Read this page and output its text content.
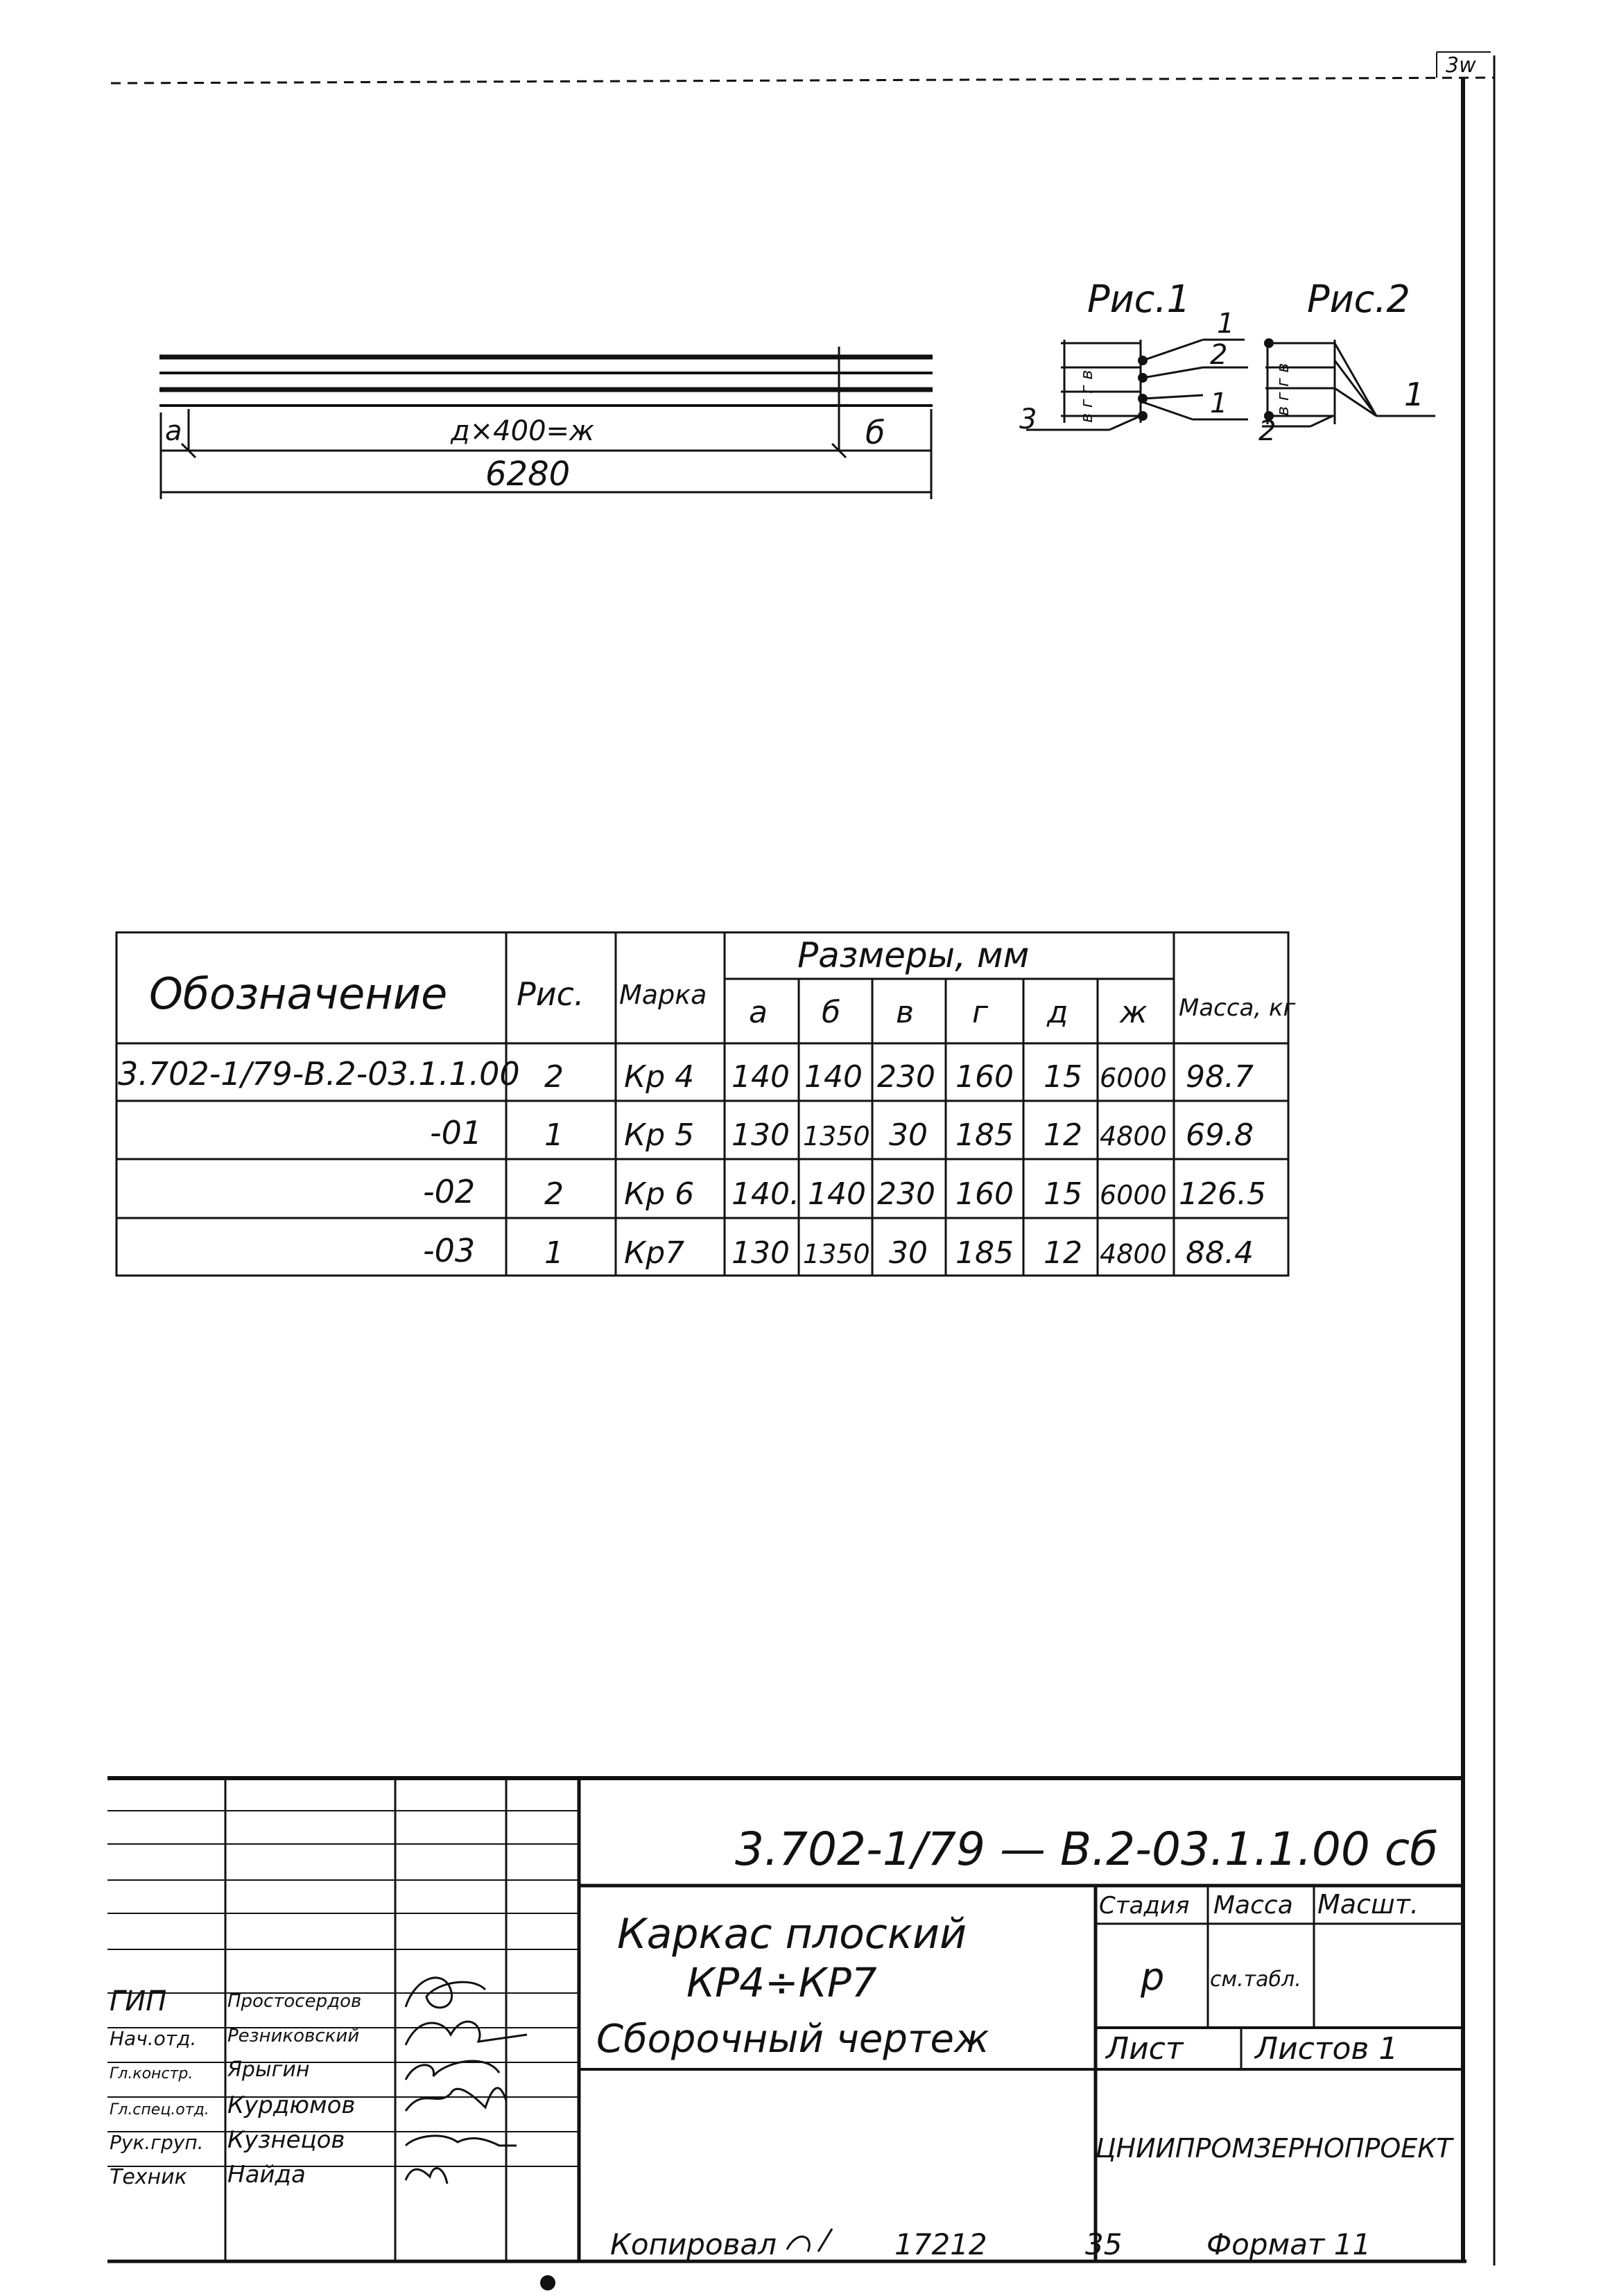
3w
а	д×400=ж	б
6280
Рис.1
в г г в
1
2
1
3
Рис.2
в г г в	1
2
Обозначение Рис. Марка
Размеры, мм
Масса, кг
а б в г д ж
3.702-1/79-В.2-03.1.1.00 2 Кр 4 140 140 230 160 15 6000 98.7
-01 1 Кр 5 130 1350 30 185 12 4800 69.8
-02 2 Кр 6 140. 140 230 160 15 6000 126.5
-03 1 Кр7 130 1350 30 185 12 4800 88.4
3.702-1/79 — В.2-03.1.1.00 сб
Каркас плоский
КР4÷КР7
Сборочный чертеж
Стадия Масса Масшт.
р см.табл.
Лист Листов 1
ЦНИИПРОМЗЕРНОПРОЕКТ
ГИП	Простосердов
Нач.отд. Резниковский
Гл.констр. Ярыгин
Гл.спец.отд. Курдюмов
Рук.груп. Кузнецов
Техник Найда
Копировал	17212	35	Формат 11
